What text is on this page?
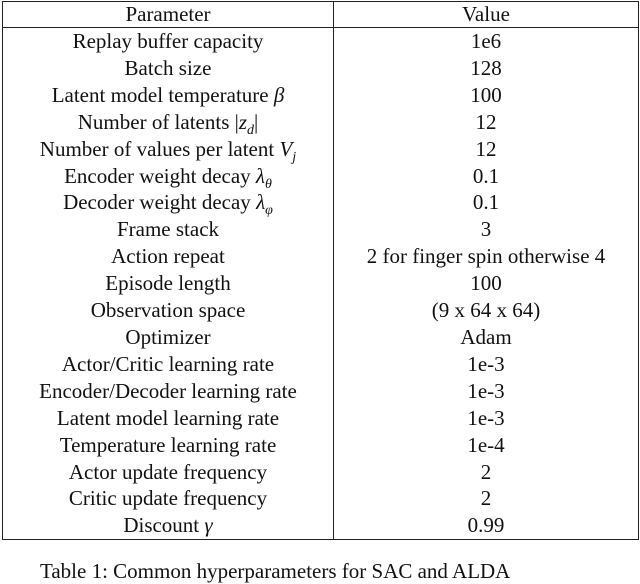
Parameter	Value
Replay buffer capacity	1e6
Batch size	128
Latent model temperature β	100
Number of latents $|z_d|$	12
Number of values per latent $V_j$	12
Encoder weight decay $\lambda_\theta$	0.1
Decoder weight decay $\lambda_\varphi$	0.1
Frame stack	3
Action repeat	2 for finger spin otherwise 4
Episode length	100
Observation space	(9 x 64 x 64)
Optimizer	Adam
Actor/Critic learning rate	1e-3
Encoder/Decoder learning rate	1e-3
Latent model learning rate	1e-3
Temperature learning rate	1e-4
Actor update frequency	2
Critic update frequency	2
Discount γ	0.99
Table 1: Common hyperparameters for SAC and ALDA
